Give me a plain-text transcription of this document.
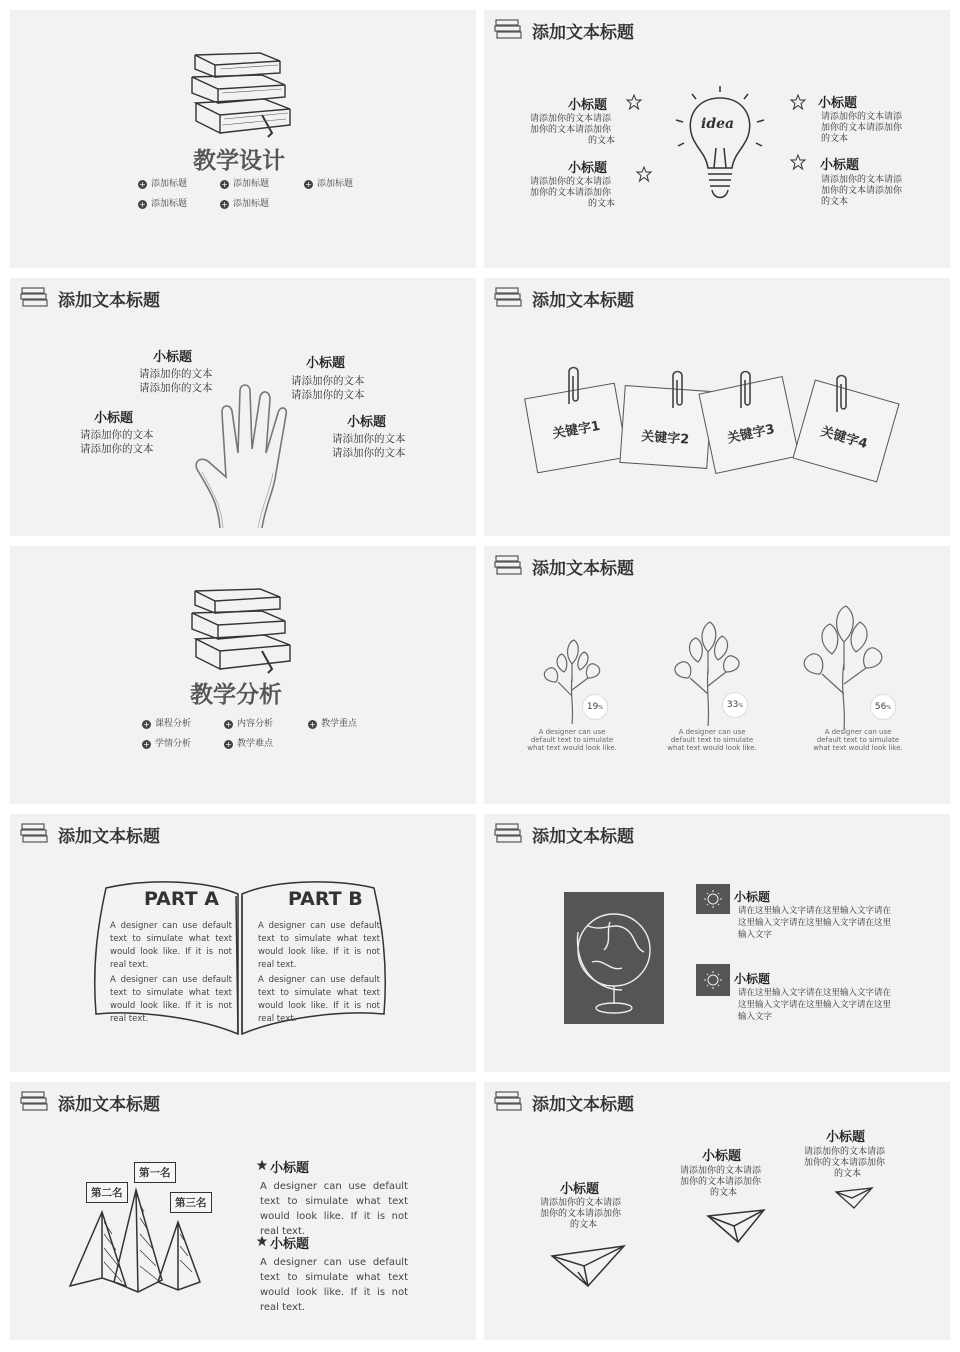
教学设计
+ 添加标题	+ 添加标题	+ 添加标题
+ 添加标题	+ 添加标题
添加文本标题
小标题
请添加你的文本请添
加你的文本请添加你
的文本
小标题
请添加你的文本请添
加你的文本请添加你
的文本
小标题
请添加你的文本请添
加你的文本请添加你
的文本
小标题
请添加你的文本请添
加你的文本请添加你
的文本
idea
添加文本标题
小标题
请添加你的文本
请添加你的文本
小标题
请添加你的文本
请添加你的文本
小标题
请添加你的文本
请添加你的文本
小标题
请添加你的文本
请添加你的文本
添加文本标题
关键字1	关键字2	关键字3	关键字4
教学分析
+ 课程分析	+ 内容分析	+ 教学重点
+ 学情分析	+ 教学难点
添加文本标题
19%	33%	56%
A designer can use
default text to simulate
what text would look like.
A designer can use
default text to simulate
what text would look like.
A designer can use
default text to simulate
what text would look like.
添加文本标题
PART A	PART B
A designer can use default text to simulate what text would look like. If it is not real text.
A designer can use default text to simulate what text would look like. If it is not real text.
A designer can use default text to simulate what text would look like. If it is not real text.
A designer can use default text to simulate what text would look like. If it is not real text.
添加文本标题
小标题
请在这里输入文字请在这里输入文字请在
这里输入文字请在这里输入文字请在这里
输入文字
小标题
请在这里输入文字请在这里输入文字请在
这里输入文字请在这里输入文字请在这里
输入文字
添加文本标题
第一名
第二名
第三名
小标题
A designer can use default text to simulate what text would look like. If it is not real text.
小标题
A designer can use default text to simulate what text would look like. If it is not real text.
添加文本标题
小标题
请添加你的文本请添
加你的文本请添加你
的文本
小标题
请添加你的文本请添
加你的文本请添加你
的文本
小标题
请添加你的文本请添
加你的文本请添加你
的文本
